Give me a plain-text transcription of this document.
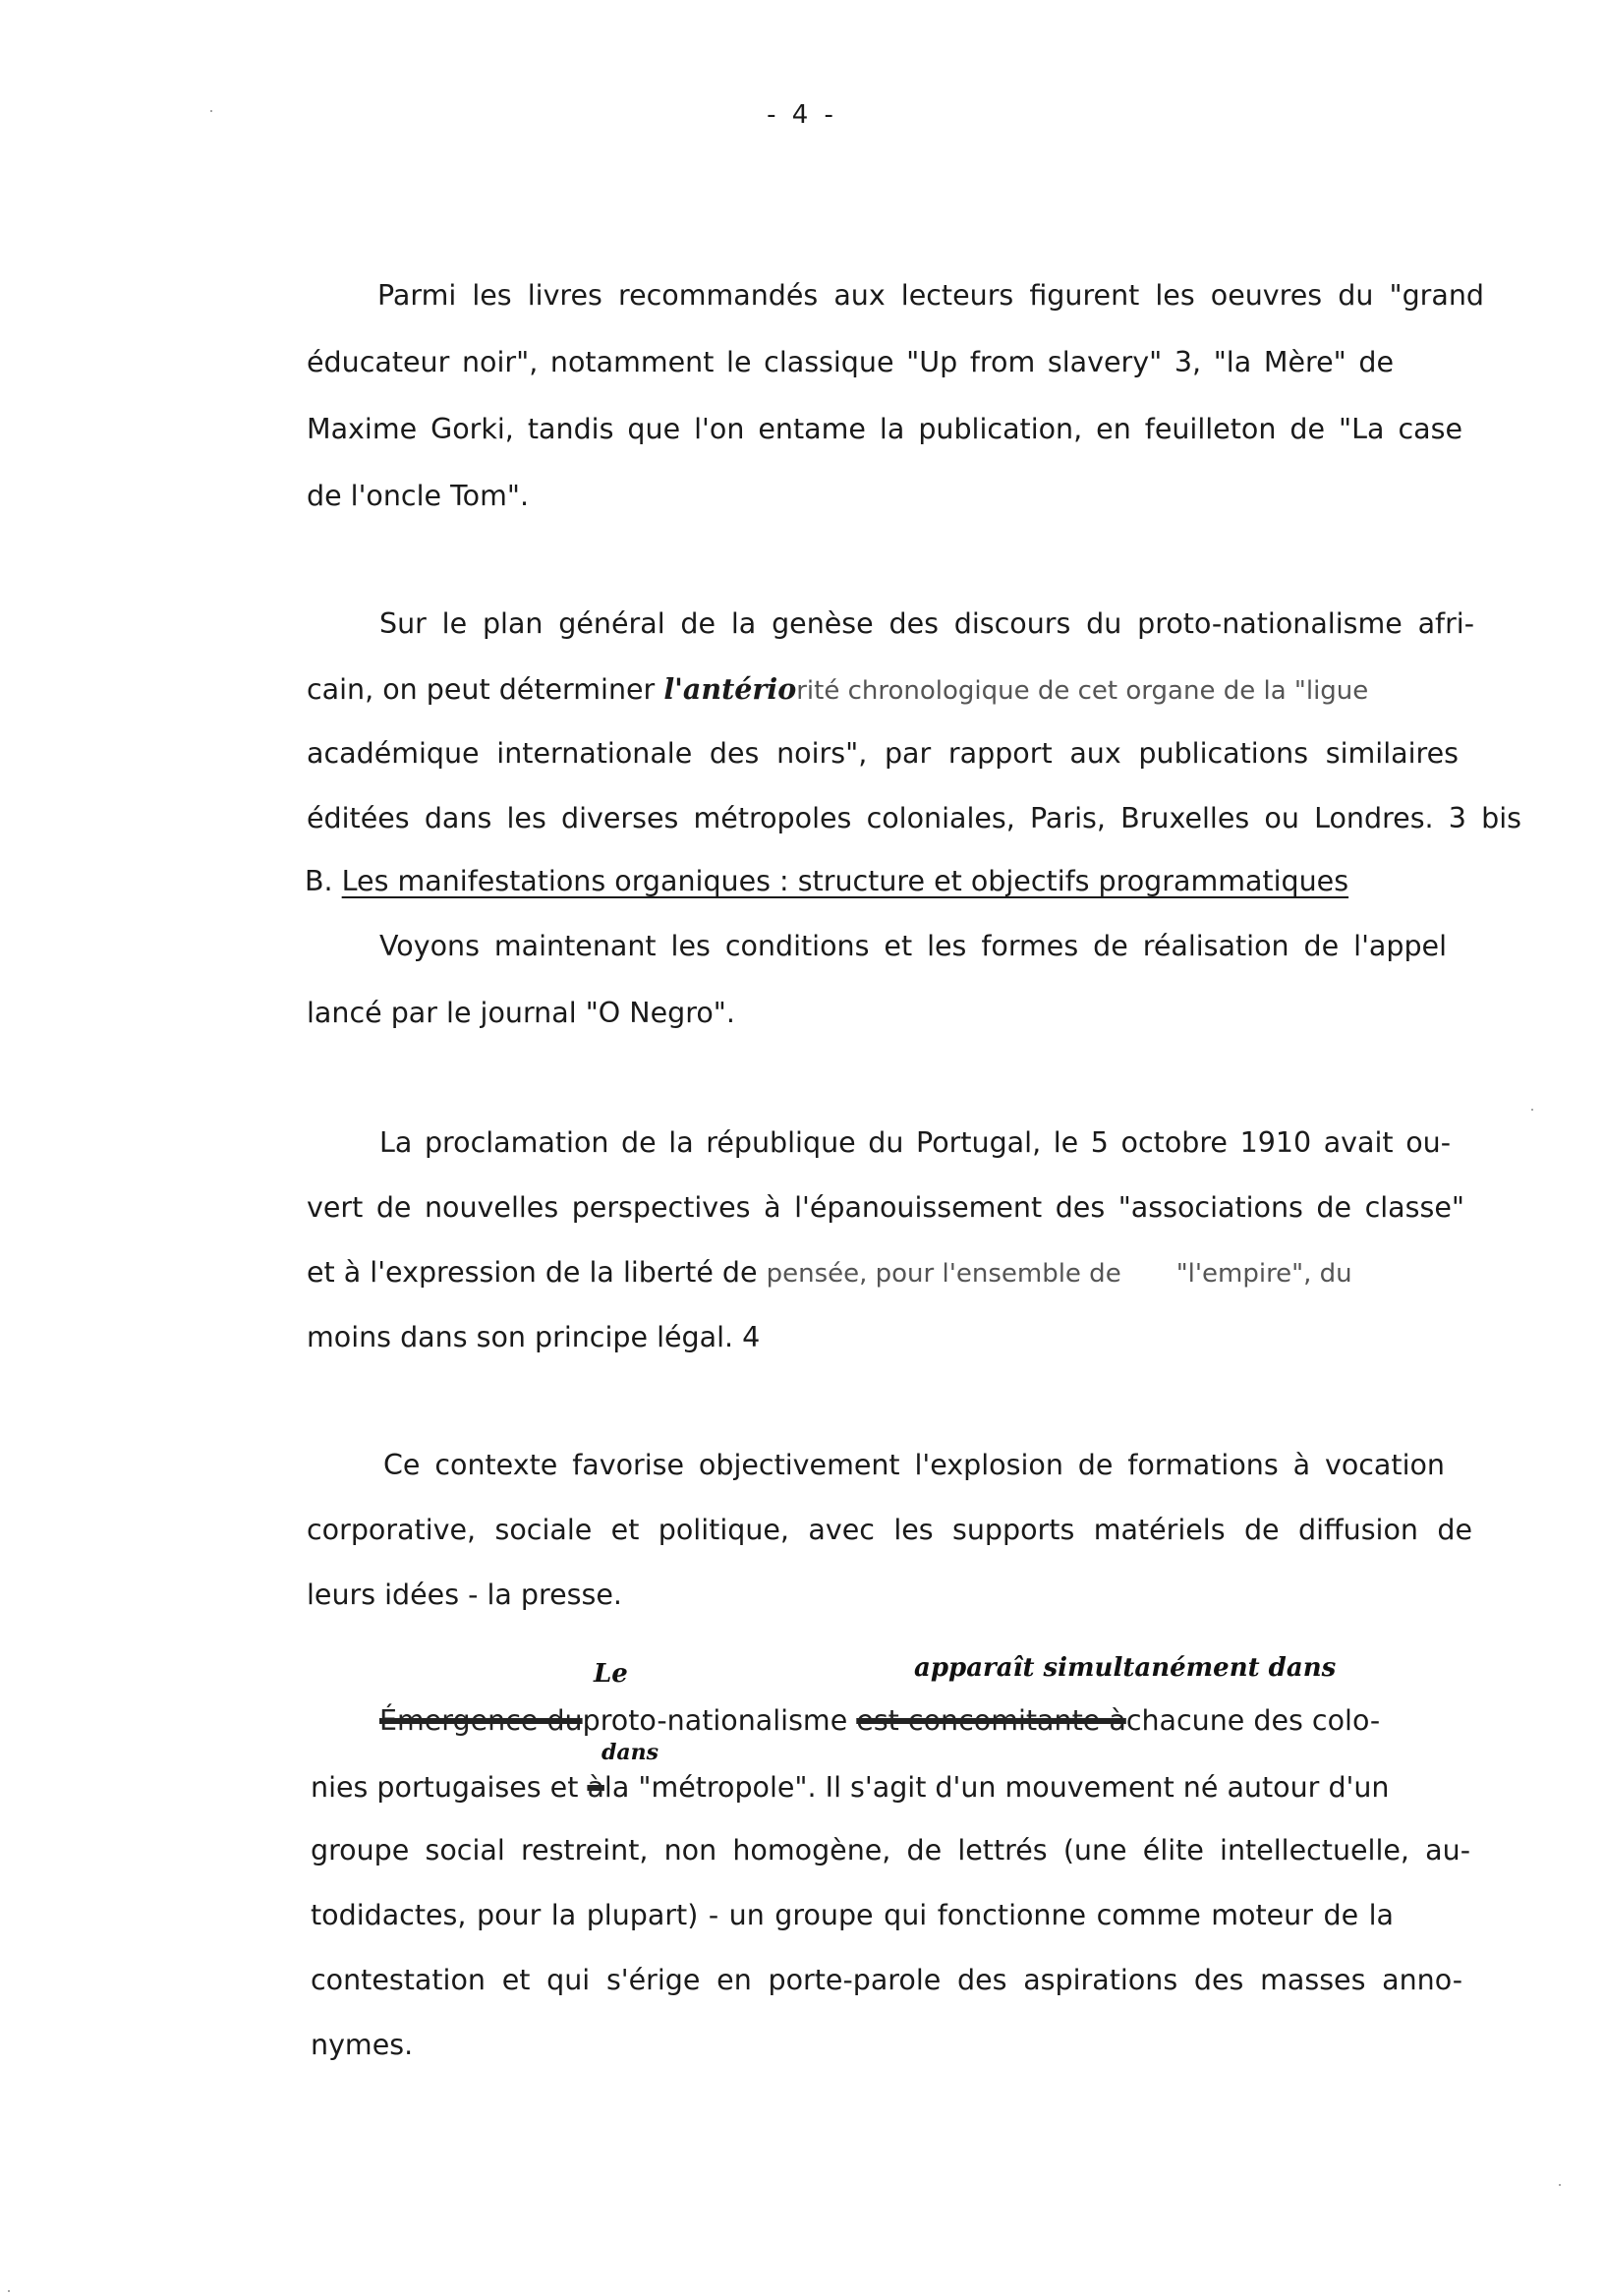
- 4 -
Parmi les livres recommandés aux lecteurs figurent les oeuvres du "grand
éducateur noir", notamment le classique "Up from slavery" 3, "la Mère" de
Maxime Gorki, tandis que l'on entame la publication, en feuilleton de "La case
de l'oncle Tom".
Sur le plan général de la genèse des discours du proto-nationalisme afri-
cain, on peut déterminer l'antériorité chronologique de cet organe de la "ligue
académique internationale des noirs", par rapport aux publications similaires
éditées dans les diverses métropoles coloniales, Paris, Bruxelles ou Londres. 3 bis
B. Les manifestations organiques : structure et objectifs programmatiques
Voyons maintenant les conditions et les formes de réalisation de l'appel
lancé par le journal "O Negro".
La proclamation de la république du Portugal, le 5 octobre 1910 avait ou-
vert de nouvelles perspectives à l'épanouissement des "associations de classe"
et à l'expression de la liberté de pensée, pour l'ensemble de "l'empire", du
moins dans son principe légal. 4
Ce contexte favorise objectivement l'explosion de formations à vocation
corporative, sociale et politique, avec les supports matériels de diffusion de
leurs idées - la presse.
Le	apparaît simultanément dans
Émergence duproto-nationalisme est concomitante àchacune des colo-
dans
nies portugaises et àla "métropole". Il s'agit d'un mouvement né autour d'un
groupe social restreint, non homogène, de lettrés (une élite intellectuelle, au-
todidactes, pour la plupart) - un groupe qui fonctionne comme moteur de la
contestation et qui s'érige en porte-parole des aspirations des masses anno-
nymes.
